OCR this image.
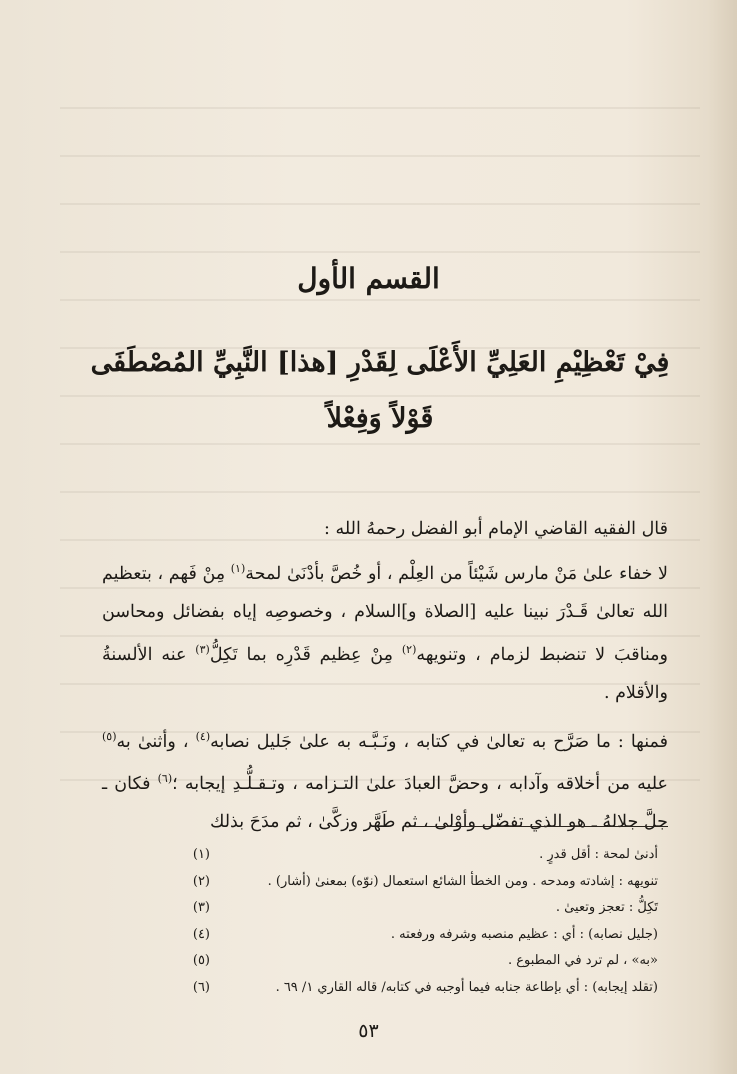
القسم الأول
فِيْ تَعْظِيْمِ العَلِيِّ الأَعْلَى لِقَدْرِ [هذا] النَّبِيِّ المُصْطَفَى قَوْلاً وَفِعْلاً

قال الفقيه القاضي الإمام أبو الفضل رحمهُ الله :

لا خفاء علىٰ مَنْ مارس شَيْئاً من العِلْم ، أو خُصَّ بأدْنَىٰ لمحة$^{(١)}$ مِنْ فَهم ، بتعظيم الله تعالىٰ قَـدْرَ نبينا عليه [الصلاة و]السلام ، وخصوصِه إياه بفضائل ومحاسن ومناقبَ لا تنضبط لزمام ، وتنويهه$^{(٢)}$ مِنْ عِظيم قَدْرِه بما تَكِلُّ$^{(٣)}$ عنه الألسنةُ والأقلام .

فمنها : ما صَرَّح به تعالىٰ في كتابه ، ونَـبَّـه به علىٰ جَليل نصابه$^{(٤)}$ ، وأثنىٰ به$^{(٥)}$ عليه من أخلاقه وآدابه ، وحضَّ العبادَ علىٰ التـزامه ، وتـقـلُّـدِ إيجابه ؛$^{(٦)}$ فكان ـ جلَّ جلالهُ ـ هو الذي تفضّل وأوْلىٰ ، ثم طَهَّر وزكَّىٰ ، ثم مدَحَ بذلك

(١)	أدنىٰ لمحة : أقل قدرٍ .
(٢)	تنويهه : إشادته ومدحه . ومن الخطأ الشائع استعمال (نوّه) بمعنىٰ (أشار) .
(٣)	تَكِلُّ : تعجز وتعيىٰ .
(٤)	(جليل نصابه) : أي : عظيم منصبه وشرفه ورفعته .
(٥)	«به» ، لم ترد في المطبوع .
(٦)	(تقلد إيجابه) : أي بإطاعة جنابه فيما أوجبه في كتابه/ قاله القاري ١/ ٦٩ .
٥٣
